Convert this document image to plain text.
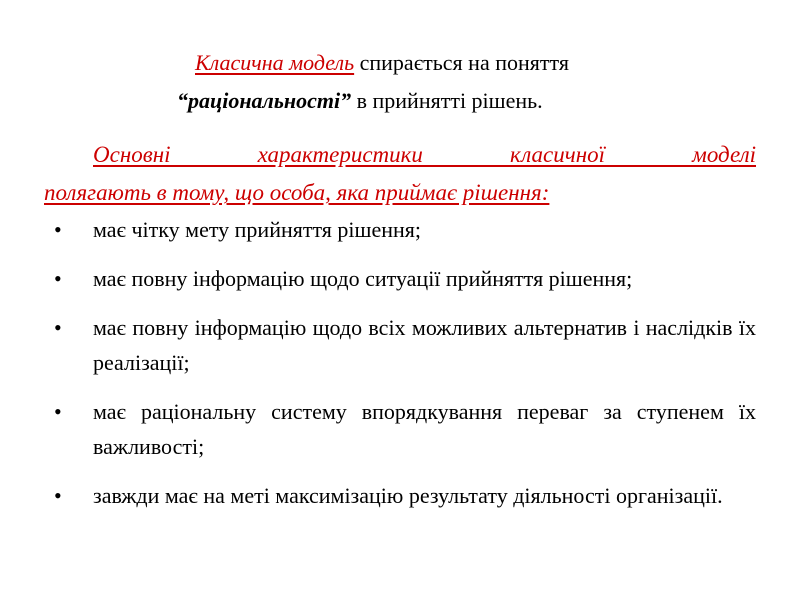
Класична модель спирається на поняття
“раціональності” в прийнятті рішень.
Основні характеристики класичної моделі
полягають в тому, що особа, яка приймає рішення:
• має чітку мету прийняття рішення;
• має повну інформацію щодо ситуації прийняття рішення;
• має повну інформацію щодо всіх можливих альтернатив і наслідків їх реалізації;
• має раціональну систему впорядкування переваг за ступенем їх важливості;
• завжди має на меті максимізацію результату діяльності організації.
